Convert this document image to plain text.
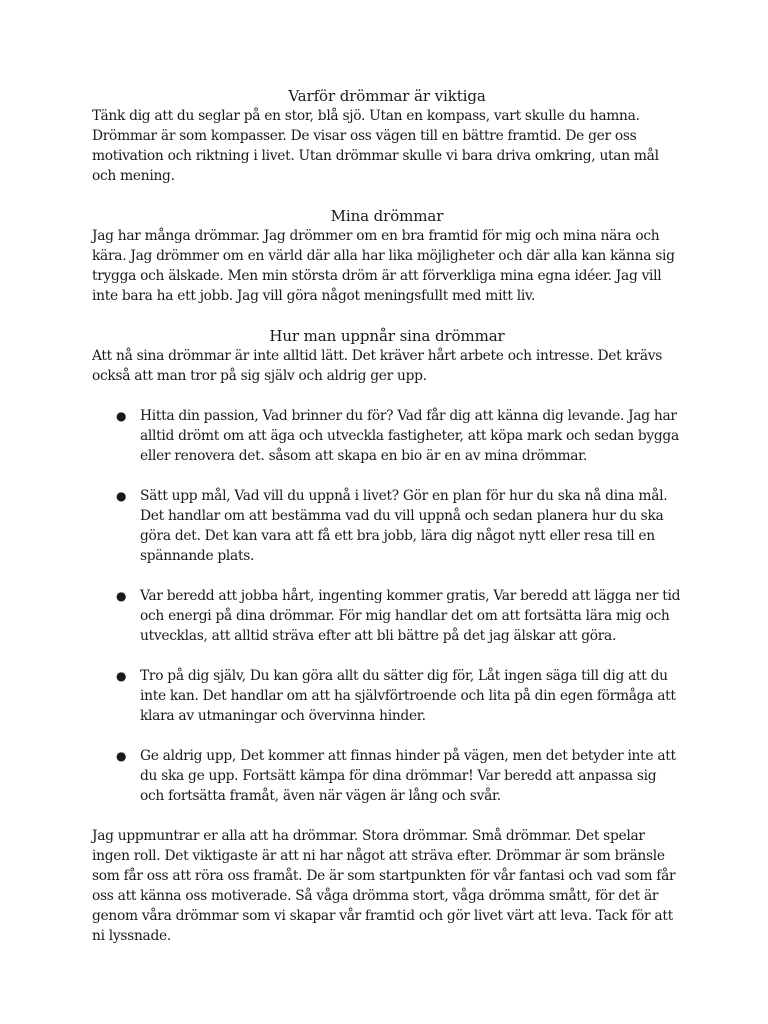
Varför drömmar är viktiga

Tänk dig att du seglar på en stor, blå sjö. Utan en kompass, vart skulle du hamna. Drömmar är som kompasser. De visar oss vägen till en bättre framtid. De ger oss motivation och riktning i livet. Utan drömmar skulle vi bara driva omkring, utan mål och mening.

Mina drömmar

Jag har många drömmar. Jag drömmer om en bra framtid för mig och mina nära och kära. Jag drömmer om en värld där alla har lika möjligheter och där alla kan känna sig trygga och älskade. Men min största dröm är att förverkliga mina egna idéer. Jag vill inte bara ha ett jobb. Jag vill göra något meningsfullt med mitt liv.

Hur man uppnår sina drömmar

Att nå sina drömmar är inte alltid lätt. Det kräver hårt arbete och intresse. Det krävs också att man tror på sig själv och aldrig ger upp.

● Hitta din passion, Vad brinner du för? Vad får dig att känna dig levande. Jag har alltid drömt om att äga och utveckla fastigheter, att köpa mark och sedan bygga eller renovera det. såsom att skapa en bio är en av mina drömmar.
● Sätt upp mål, Vad vill du uppnå i livet? Gör en plan för hur du ska nå dina mål. Det handlar om att bestämma vad du vill uppnå och sedan planera hur du ska göra det. Det kan vara att få ett bra jobb, lära dig något nytt eller resa till en spännande plats.
● Var beredd att jobba hårt, ingenting kommer gratis, Var beredd att lägga ner tid och energi på dina drömmar. För mig handlar det om att fortsätta lära mig och utvecklas, att alltid sträva efter att bli bättre på det jag älskar att göra.
● Tro på dig själv, Du kan göra allt du sätter dig för, Låt ingen säga till dig att du inte kan. Det handlar om att ha självförtroende och lita på din egen förmåga att klara av utmaningar och övervinna hinder.
● Ge aldrig upp, Det kommer att finnas hinder på vägen, men det betyder inte att du ska ge upp. Fortsätt kämpa för dina drömmar! Var beredd att anpassa sig och fortsätta framåt, även när vägen är lång och svår.

Jag uppmuntrar er alla att ha drömmar. Stora drömmar. Små drömmar. Det spelar ingen roll. Det viktigaste är att ni har något att sträva efter. Drömmar är som bränsle som får oss att röra oss framåt. De är som startpunkten för vår fantasi och vad som får oss att känna oss motiverade. Så våga drömma stort, våga drömma smått, för det är genom våra drömmar som vi skapar vår framtid och gör livet värt att leva. Tack för att ni lyssnade.
